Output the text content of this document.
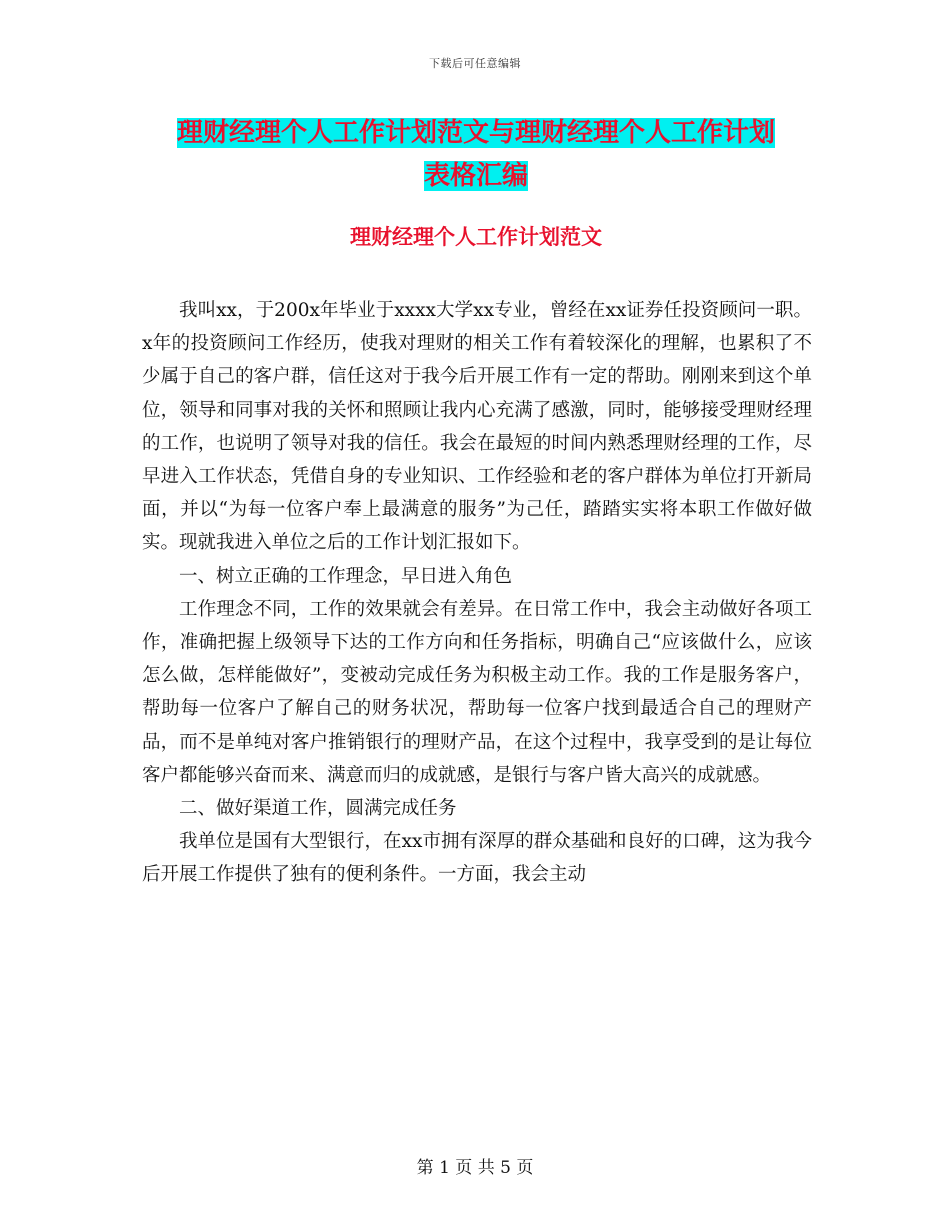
下载后可任意编辑
理财经理个人工作计划范文与理财经理个人工作计划
表格汇编
理财经理个人工作计划范文

我叫xx，于200x年毕业于xxxx大学xx专业，曾经在xx证券任投资顾问一职。x年的投资顾问工作经历，使我对理财的相关工作有着较深化的理解，也累积了不少属于自己的客户群，信任这对于我今后开展工作有一定的帮助。刚刚来到这个单位，领导和同事对我的关怀和照顾让我内心充满了感激，同时，能够接受理财经理的工作，也说明了领导对我的信任。我会在最短的时间内熟悉理财经理的工作，尽早进入工作状态，凭借自身的专业知识、工作经验和老的客户群体为单位打开新局面，并以“为每一位客户奉上最满意的服务”为己任，踏踏实实将本职工作做好做实。现就我进入单位之后的工作计划汇报如下。

一、树立正确的工作理念，早日进入角色

工作理念不同，工作的效果就会有差异。在日常工作中，我会主动做好各项工作，准确把握上级领导下达的工作方向和任务指标，明确自己“应该做什么，应该怎么做，怎样能做好”，变被动完成任务为积极主动工作。我的工作是服务客户，帮助每一位客户了解自己的财务状况，帮助每一位客户找到最适合自己的理财产品，而不是单纯对客户推销银行的理财产品，在这个过程中，我享受到的是让每位客户都能够兴奋而来、满意而归的成就感，是银行与客户皆大高兴的成就感。

二、做好渠道工作，圆满完成任务

我单位是国有大型银行，在xx市拥有深厚的群众基础和良好的口碑，这为我今后开展工作提供了独有的便利条件。一方面，我会主动

第 1 页 共 5 页
